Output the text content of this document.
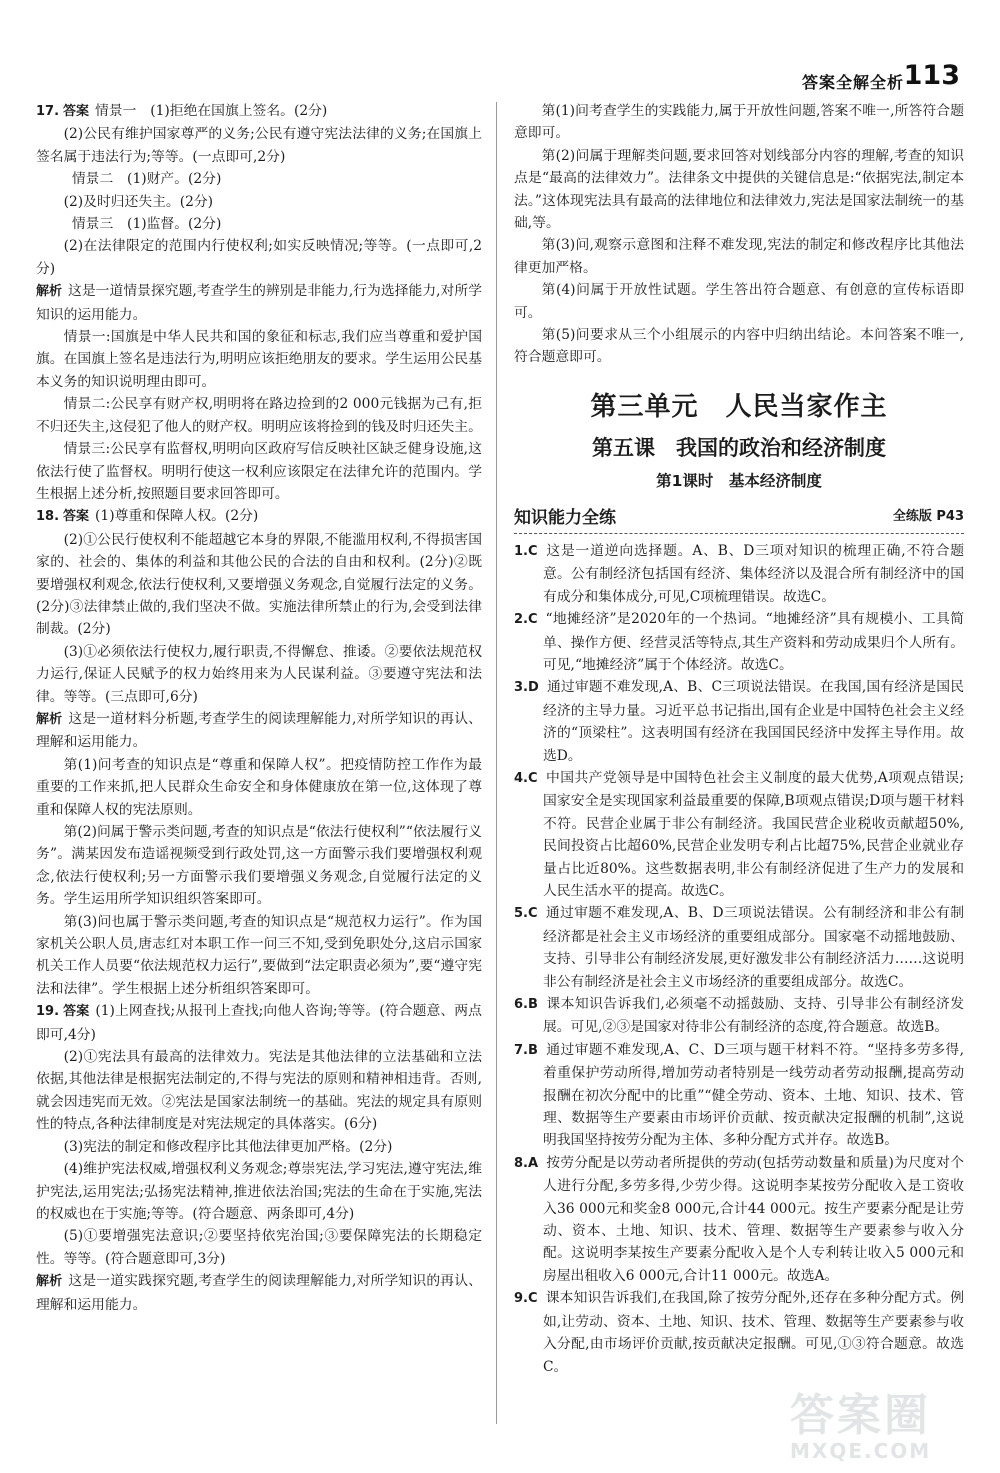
答案全解全析 113

17. 答案 情景一　(1)拒绝在国旗上签名。(2分)

(2)公民有维护国家尊严的义务;公民有遵守宪法法律的义务;在国旗上签名属于违法行为;等等。(一点即可,2分)

情景二　(1)财产。(2分)

(2)及时归还失主。(2分)

情景三　(1)监督。(2分)

(2)在法律限定的范围内行使权利;如实反映情况;等等。(一点即可,2分)

解析 这是一道情景探究题,考查学生的辨别是非能力,行为选择能力,对所学知识的运用能力。

情景一:国旗是中华人民共和国的象征和标志,我们应当尊重和爱护国旗。在国旗上签名是违法行为,明明应该拒绝朋友的要求。学生运用公民基本义务的知识说明理由即可。

情景二:公民享有财产权,明明将在路边捡到的2 000元钱据为己有,拒不归还失主,这侵犯了他人的财产权。明明应该将捡到的钱及时归还失主。

情景三:公民享有监督权,明明向区政府写信反映社区缺乏健身设施,这依法行使了监督权。明明行使这一权利应该限定在法律允许的范围内。学生根据上述分析,按照题目要求回答即可。

18. 答案 (1)尊重和保障人权。(2分)

(2)①公民行使权利不能超越它本身的界限,不能滥用权利,不得损害国家的、社会的、集体的利益和其他公民的合法的自由和权利。(2分)②既要增强权利观念,依法行使权利,又要增强义务观念,自觉履行法定的义务。(2分)③法律禁止做的,我们坚决不做。实施法律所禁止的行为,会受到法律制裁。(2分)

(3)①必须依法行使权力,履行职责,不得懈怠、推诿。②要依法规范权力运行,保证人民赋予的权力始终用来为人民谋利益。③要遵守宪法和法律。等等。(三点即可,6分)

解析 这是一道材料分析题,考查学生的阅读理解能力,对所学知识的再认、理解和运用能力。

第(1)问考查的知识点是“尊重和保障人权”。把疫情防控工作作为最重要的工作来抓,把人民群众生命安全和身体健康放在第一位,这体现了尊重和保障人权的宪法原则。

第(2)问属于警示类问题,考查的知识点是“依法行使权利”“依法履行义务”。满某因发布造谣视频受到行政处罚,这一方面警示我们要增强权利观念,依法行使权利;另一方面警示我们要增强义务观念,自觉履行法定的义务。学生运用所学知识组织答案即可。

第(3)问也属于警示类问题,考查的知识点是“规范权力运行”。作为国家机关公职人员,唐志红对本职工作一问三不知,受到免职处分,这启示国家机关工作人员要“依法规范权力运行”,要做到“法定职责必须为”,要“遵守宪法和法律”。学生根据上述分析组织答案即可。

19. 答案 (1)上网查找;从报刊上查找;向他人咨询;等等。(符合题意、两点即可,4分)

(2)①宪法具有最高的法律效力。宪法是其他法律的立法基础和立法依据,其他法律是根据宪法制定的,不得与宪法的原则和精神相违背。否则,就会因违宪而无效。②宪法是国家法制统一的基础。宪法的规定具有原则性的特点,各种法律制度是对宪法规定的具体落实。(6分)

(3)宪法的制定和修改程序比其他法律更加严格。(2分)

(4)维护宪法权威,增强权利义务观念;尊崇宪法,学习宪法,遵守宪法,维护宪法,运用宪法;弘扬宪法精神,推进依法治国;宪法的生命在于实施,宪法的权威也在于实施;等等。(符合题意、两条即可,4分)

(5)①要增强宪法意识;②要坚持依宪治国;③要保障宪法的长期稳定性。等等。(符合题意即可,3分)

解析 这是一道实践探究题,考查学生的阅读理解能力,对所学知识的再认、理解和运用能力。

第(1)问考查学生的实践能力,属于开放性问题,答案不唯一,所答符合题意即可。

第(2)问属于理解类问题,要求回答对划线部分内容的理解,考查的知识点是“最高的法律效力”。法律条文中提供的关键信息是:“依据宪法,制定本法。”这体现宪法具有最高的法律地位和法律效力,宪法是国家法制统一的基础,等。

第(3)问,观察示意图和注释不难发现,宪法的制定和修改程序比其他法律更加严格。

第(4)问属于开放性试题。学生答出符合题意、有创意的宣传标语即可。

第(5)问要求从三个小组展示的内容中归纳出结论。本问答案不唯一,符合题意即可。

第三单元　人民当家作主
第五课　我国的政治和经济制度
第1课时　基本经济制度
知识能力全练	全练版 P43

1.C 这是一道逆向选择题。A、B、D三项对知识的梳理正确,不符合题意。公有制经济包括国有经济、集体经济以及混合所有制经济中的国有成分和集体成分,可见,C项梳理错误。故选C。

2.C “地摊经济”是2020年的一个热词。“地摊经济”具有规模小、工具简单、操作方便、经营灵活等特点,其生产资料和劳动成果归个人所有。可见,“地摊经济”属于个体经济。故选C。

3.D 通过审题不难发现,A、B、C三项说法错误。在我国,国有经济是国民经济的主导力量。习近平总书记指出,国有企业是中国特色社会主义经济的“顶梁柱”。这表明国有经济在我国国民经济中发挥主导作用。故选D。

4.C 中国共产党领导是中国特色社会主义制度的最大优势,A项观点错误;国家安全是实现国家利益最重要的保障,B项观点错误;D项与题干材料不符。民营企业属于非公有制经济。我国民营企业税收贡献超50%,民间投资占比超60%,民营企业发明专利占比超75%,民营企业就业存量占比近80%。这些数据表明,非公有制经济促进了生产力的发展和人民生活水平的提高。故选C。

5.C 通过审题不难发现,A、B、D三项说法错误。公有制经济和非公有制经济都是社会主义市场经济的重要组成部分。国家毫不动摇地鼓励、支持、引导非公有制经济发展,更好激发非公有制经济活力……这说明非公有制经济是社会主义市场经济的重要组成部分。故选C。

6.B 课本知识告诉我们,必须毫不动摇鼓励、支持、引导非公有制经济发展。可见,②③是国家对待非公有制经济的态度,符合题意。故选B。

7.B 通过审题不难发现,A、C、D三项与题干材料不符。“坚持多劳多得,着重保护劳动所得,增加劳动者特别是一线劳动者劳动报酬,提高劳动报酬在初次分配中的比重”“健全劳动、资本、土地、知识、技术、管理、数据等生产要素由市场评价贡献、按贡献决定报酬的机制”,这说明我国坚持按劳分配为主体、多种分配方式并存。故选B。

8.A 按劳分配是以劳动者所提供的劳动(包括劳动数量和质量)为尺度对个人进行分配,多劳多得,少劳少得。这说明李某按劳分配收入是工资收入36 000元和奖金8 000元,合计44 000元。按生产要素分配是让劳动、资本、土地、知识、技术、管理、数据等生产要素参与收入分配。这说明李某按生产要素分配收入是个人专利转让收入5 000元和房屋出租收入6 000元,合计11 000元。故选A。

9.C 课本知识告诉我们,在我国,除了按劳分配外,还存在多种分配方式。例如,让劳动、资本、土地、知识、技术、管理、数据等生产要素参与收入分配,由市场评价贡献,按贡献决定报酬。可见,①③符合题意。故选C。

答案圈
MXQE.COM
